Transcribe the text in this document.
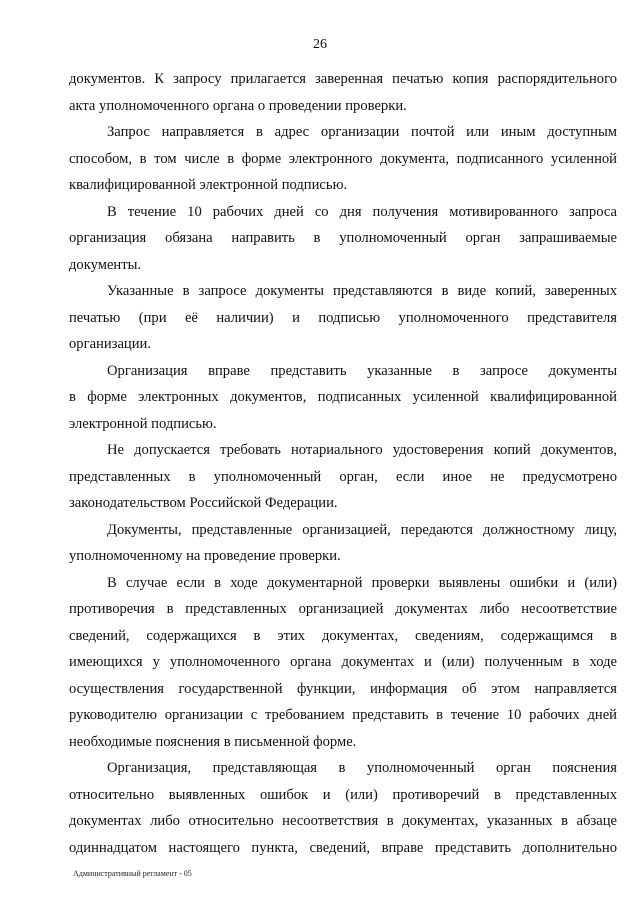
26
документов. К запросу прилагается заверенная печатью копия распорядительного
акта уполномоченного органа о проведении проверки.
Запрос направляется в адрес организации почтой или иным доступным
способом, в том числе в форме электронного документа, подписанного усиленной
квалифицированной электронной подписью.
В течение 10 рабочих дней со дня получения мотивированного запроса
организация обязана направить в уполномоченный орган запрашиваемые
документы.
Указанные в запросе документы представляются в виде копий, заверенных
печатью (при её наличии) и подписью уполномоченного представителя
организации.
Организация вправе представить указанные в запросе документы
в форме электронных документов, подписанных усиленной квалифицированной
электронной подписью.
Не допускается требовать нотариального удостоверения копий документов,
представленных в уполномоченный орган, если иное не предусмотрено
законодательством Российской Федерации.
Документы, представленные организацией, передаются должностному лицу,
уполномоченному на проведение проверки.
В случае если в ходе документарной проверки выявлены ошибки и (или)
противоречия в представленных организацией документах либо несоответствие
сведений, содержащихся в этих документах, сведениям, содержащимся в
имеющихся у уполномоченного органа документах и (или) полученным в ходе
осуществления государственной функции, информация об этом направляется
руководителю организации с требованием представить в течение 10 рабочих дней
необходимые пояснения в письменной форме.
Организация, представляющая в уполномоченный орган пояснения
относительно выявленных ошибок и (или) противоречий в представленных
документах либо относительно несоответствия в документах, указанных в абзаце
одиннадцатом настоящего пункта, сведений, вправе представить дополнительно
Административный регламент - 05
